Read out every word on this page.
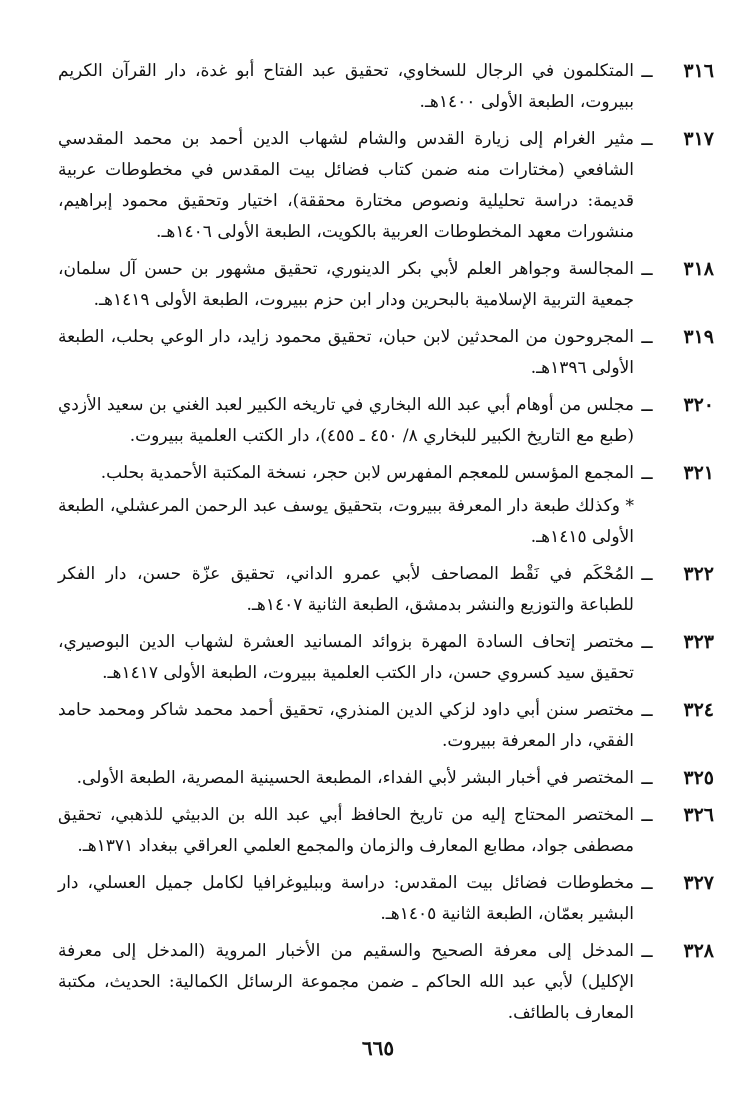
٣١٦
ــ
المتكلمون في الرجال للسخاوي، تحقيق عبد الفتاح أبو غدة، دار القرآن الكريم ببيروت، الطبعة الأولى ١٤٠٠هـ.
٣١٧
ــ
مثير الغرام إلى زيارة القدس والشام لشهاب الدين أحمد بن محمد المقدسي الشافعي (مختارات منه ضمن كتاب فضائل بيت المقدس في مخطوطات عربية قديمة: دراسة تحليلية ونصوص مختارة محققة)، اختيار وتحقيق محمود إبراهيم، منشورات معهد المخطوطات العربية بالكويت، الطبعة الأولى ١٤٠٦هـ.
٣١٨
ــ
المجالسة وجواهر العلم لأبي بكر الدينوري، تحقيق مشهور بن حسن آل سلمان، جمعية التربية الإسلامية بالبحرين ودار ابن حزم ببيروت، الطبعة الأولى ١٤١٩هـ.
٣١٩
ــ
المجروحون من المحدثين لابن حبان، تحقيق محمود زايد، دار الوعي بحلب، الطبعة الأولى ١٣٩٦هـ.
٣٢٠
ــ
مجلس من أوهام أبي عبد الله البخاري في تاريخه الكبير لعبد الغني بن سعيد الأزدي (طبع مع التاريخ الكبير للبخاري ٨/ ٤٥٠ ـ ٤٥٥)، دار الكتب العلمية ببيروت.
٣٢١
ــ
المجمع المؤسس للمعجم المفهرس لابن حجر، نسخة المكتبة الأحمدية بحلب.
* وكذلك طبعة دار المعرفة ببيروت، بتحقيق يوسف عبد الرحمن المرعشلي، الطبعة الأولى ١٤١٥هـ.
٣٢٢
ــ
المُحْكَم في نَقْط المصاحف لأبي عمرو الداني، تحقيق عزّة حسن، دار الفكر للطباعة والتوزيع والنشر بدمشق، الطبعة الثانية ١٤٠٧هـ.
٣٢٣
ــ
مختصر إتحاف السادة المهرة بزوائد المسانيد العشرة لشهاب الدين البوصيري، تحقيق سيد كسروي حسن، دار الكتب العلمية ببيروت، الطبعة الأولى ١٤١٧هـ.
٣٢٤
ــ
مختصر سنن أبي داود لزكي الدين المنذري، تحقيق أحمد محمد شاكر ومحمد حامد الفقي، دار المعرفة ببيروت.
٣٢٥
ــ
المختصر في أخبار البشر لأبي الفداء، المطبعة الحسينية المصرية، الطبعة الأولى.
٣٢٦
ــ
المختصر المحتاج إليه من تاريخ الحافظ أبي عبد الله بن الدبيثي للذهبي، تحقيق مصطفى جواد، مطابع المعارف والزمان والمجمع العلمي العراقي ببغداد ١٣٧١هـ.
٣٢٧
ــ
مخطوطات فضائل بيت المقدس: دراسة وببليوغرافيا لكامل جميل العسلي، دار البشير بعمّان، الطبعة الثانية ١٤٠٥هـ.
٣٢٨
ــ
المدخل إلى معرفة الصحيح والسقيم من الأخبار المروية (المدخل إلى معرفة الإكليل) لأبي عبد الله الحاكم ـ ضمن مجموعة الرسائل الكمالية: الحديث، مكتبة المعارف بالطائف.
٦٦٥
